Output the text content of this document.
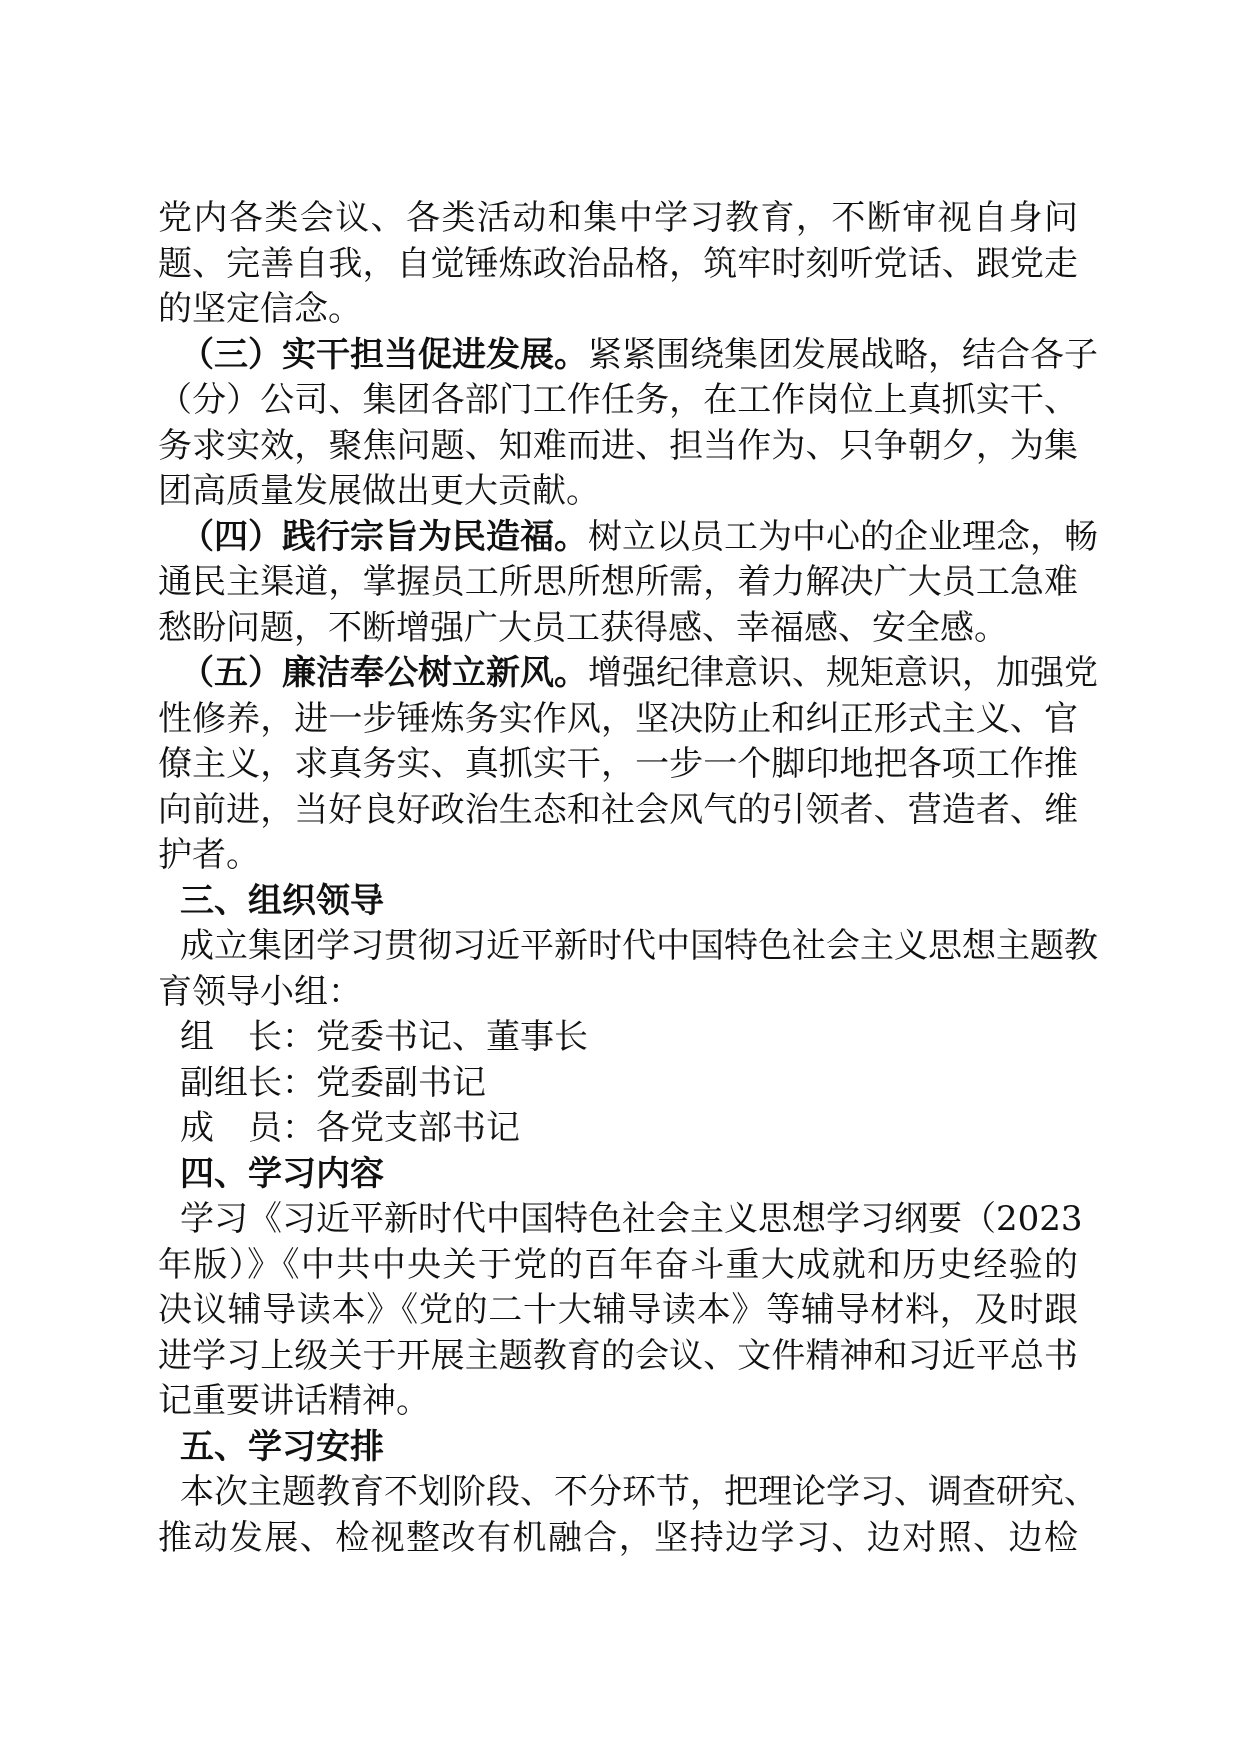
党内各类会议、各类活动和集中学习教育，不断审视自身问
题、完善自我，自觉锤炼政治品格，筑牢时刻听党话、跟党走
的坚定信念。
（三）实干担当促进发展。紧紧围绕集团发展战略，结合各子
（分）公司、集团各部门工作任务，在工作岗位上真抓实干、
务求实效，聚焦问题、知难而进、担当作为、只争朝夕，为集
团高质量发展做出更大贡献。
（四）践行宗旨为民造福。树立以员工为中心的企业理念，畅
通民主渠道，掌握员工所思所想所需，着力解决广大员工急难
愁盼问题，不断增强广大员工获得感、幸福感、安全感。
（五）廉洁奉公树立新风。增强纪律意识、规矩意识，加强党
性修养，进一步锤炼务实作风，坚决防止和纠正形式主义、官
僚主义，求真务实、真抓实干，一步一个脚印地把各项工作推
向前进，当好良好政治生态和社会风气的引领者、营造者、维
护者。
三、组织领导
成立集团学习贯彻习近平新时代中国特色社会主义思想主题教
育领导小组：
组　长：党委书记、董事长
副组长：党委副书记
成　员：各党支部书记
四、学习内容
学习《习近平新时代中国特色社会主义思想学习纲要（2023
年版）》《中共中央关于党的百年奋斗重大成就和历史经验的
决议辅导读本》《党的二十大辅导读本》等辅导材料，及时跟
进学习上级关于开展主题教育的会议、文件精神和习近平总书
记重要讲话精神。
五、学习安排
本次主题教育不划阶段、不分环节，把理论学习、调查研究、
推动发展、检视整改有机融合，坚持边学习、边对照、边检
